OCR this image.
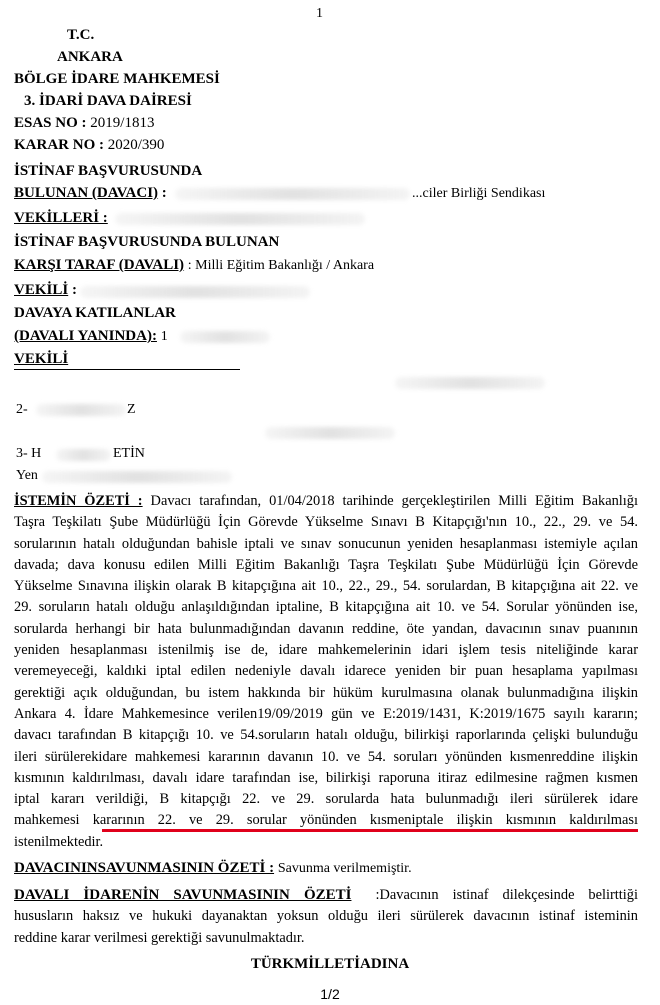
1
T.C.
ANKARA
BÖLGE İDARE MAHKEMESİ
3. İDARİ DAVA DAİRESİ
ESAS NO : 2019/1813
KARAR NO : 2020/390
İSTİNAF BAŞVURUSUNDA
BULUNAN (DAVACI) :	...ciler Birliği Sendikası
VEKİLLERİ :
İSTİNAF BAŞVURUSUNDA BULUNAN
KARŞI TARAF (DAVALI) : Milli Eğitim Bakanlığı / Ankara
VEKİLİ :
DAVAYA KATILANLAR
(DAVALI YANINDA): 1
VEKİLİ
2-	Z
3- H	ETİN
Yen
İSTEMİN ÖZETİ : Davacı tarafından, 01/04/2018 tarihinde gerçekleştirilen Milli Eğitim Bakanlığı
Taşra Teşkilatı Şube Müdürlüğü İçin Görevde Yükselme Sınavı B Kitapçığı'nın 10., 22., 29. ve 54.
sorularının hatalı olduğundan bahisle iptali ve sınav sonucunun yeniden hesaplanması istemiyle açılan
davada; dava konusu edilen Milli Eğitim Bakanlığı Taşra Teşkilatı Şube Müdürlüğü İçin Görevde
Yükselme Sınavına ilişkin olarak B kitapçığına ait 10., 22., 29., 54. sorulardan, B kitapçığına ait 22. ve
29. soruların hatalı olduğu anlaşıldığından iptaline, B kitapçığına ait 10. ve 54. Sorular yönünden ise,
sorularda herhangi bir hata bulunmadığından davanın reddine, öte yandan, davacının sınav puanının
yeniden hesaplanması istenilmiş ise de, idare mahkemelerinin idari işlem tesis niteliğinde karar
veremeyeceği, kaldıki iptal edilen nedeniyle davalı idarece yeniden bir puan hesaplama yapılması
gerektiği açık olduğundan, bu istem hakkında bir hüküm kurulmasına olanak bulunmadığına ilişkin
Ankara 4. İdare Mahkemesince verilen19/09/2019 gün ve E:2019/1431, K:2019/1675 sayılı kararın;
davacı tarafından B kitapçığı 10. ve 54.soruların hatalı olduğu, bilirkişi raporlarında çelişki bulunduğu
ileri sürülerekidare mahkemesi kararının davanın 10. ve 54. soruları yönünden kısmenreddine ilişkin
kısmının kaldırılması, davalı idare tarafından ise, bilirkişi raporuna itiraz edilmesine rağmen kısmen
iptal kararı verildiği, B kitapçığı 22. ve 29. sorularda hata bulunmadığı ileri sürülerek idare
mahkemesi kararının 22. ve 29. sorular yönünden kısmeniptale ilişkin kısmının kaldırılması
istenilmektedir.
DAVACININSAVUNMASININ ÖZETİ : Savunma verilmemiştir.
DAVALI İDARENİN SAVUNMASININ ÖZETİ :Davacının istinaf dilekçesinde belirttiği
hususların haksız ve hukuki dayanaktan yoksun olduğu ileri sürülerek davacının istinaf isteminin
reddine karar verilmesi gerektiği savunulmaktadır.
TÜRKMİLLETİADINA
1/2
